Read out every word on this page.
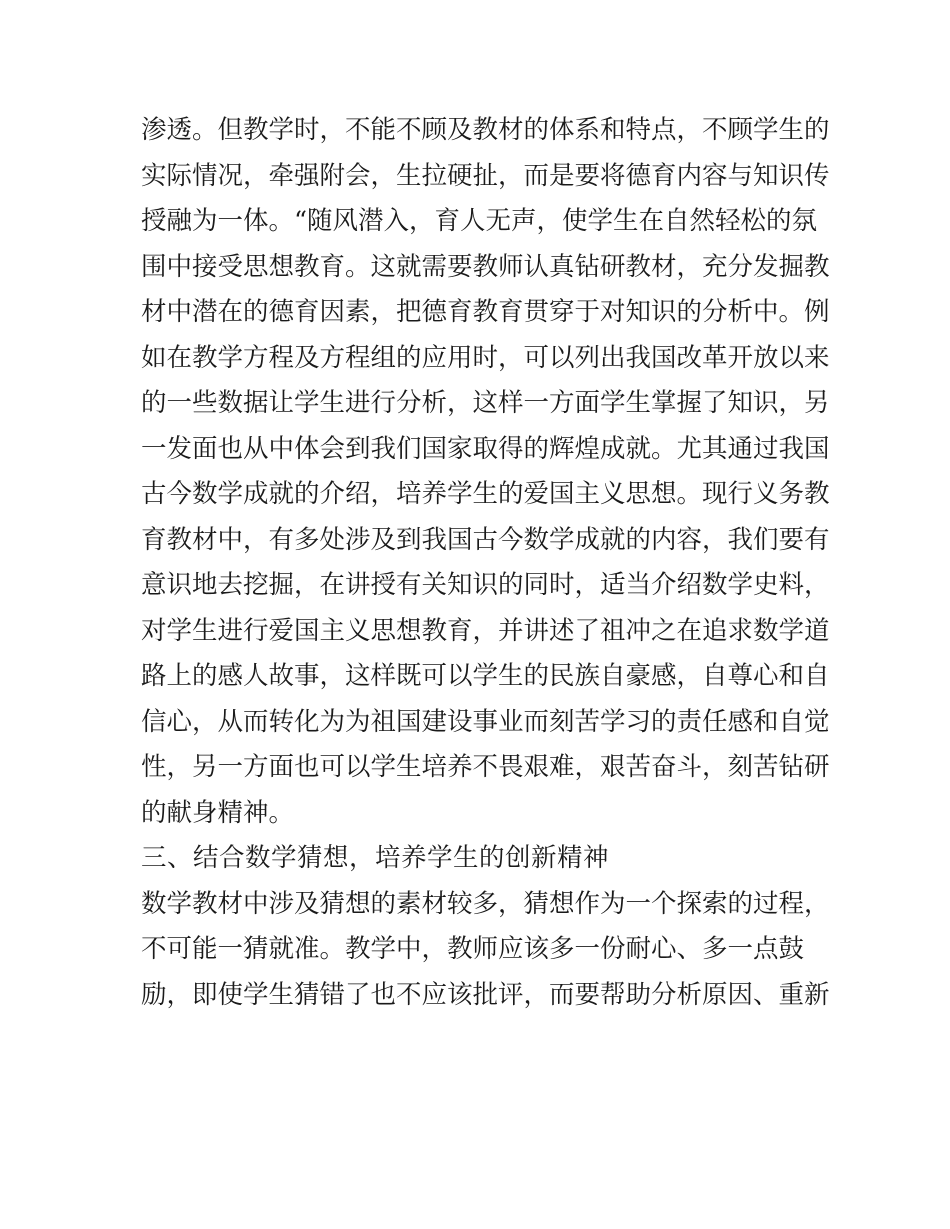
渗透。但教学时，不能不顾及教材的体系和特点，不顾学生的
实际情况，牵强附会，生拉硬扯，而是要将德育内容与知识传
授融为一体。“随风潜入，育人无声，使学生在自然轻松的氛
围中接受思想教育。这就需要教师认真钻研教材，充分发掘教
材中潜在的德育因素，把德育教育贯穿于对知识的分析中。例
如在教学方程及方程组的应用时，可以列出我国改革开放以来
的一些数据让学生进行分析，这样一方面学生掌握了知识，另
一发面也从中体会到我们国家取得的辉煌成就。尤其通过我国
古今数学成就的介绍，培养学生的爱国主义思想。现行义务教
育教材中，有多处涉及到我国古今数学成就的内容，我们要有
意识地去挖掘，在讲授有关知识的同时，适当介绍数学史料，
对学生进行爱国主义思想教育，并讲述了祖冲之在追求数学道
路上的感人故事，这样既可以学生的民族自豪感，自尊心和自
信心，从而转化为为祖国建设事业而刻苦学习的责任感和自觉
性，另一方面也可以学生培养不畏艰难，艰苦奋斗，刻苦钻研
的献身精神。
三、结合数学猜想，培养学生的创新精神
数学教材中涉及猜想的素材较多，猜想作为一个探索的过程，
不可能一猜就准。教学中，教师应该多一份耐心、多一点鼓
励，即使学生猜错了也不应该批评，而要帮助分析原因、重新
